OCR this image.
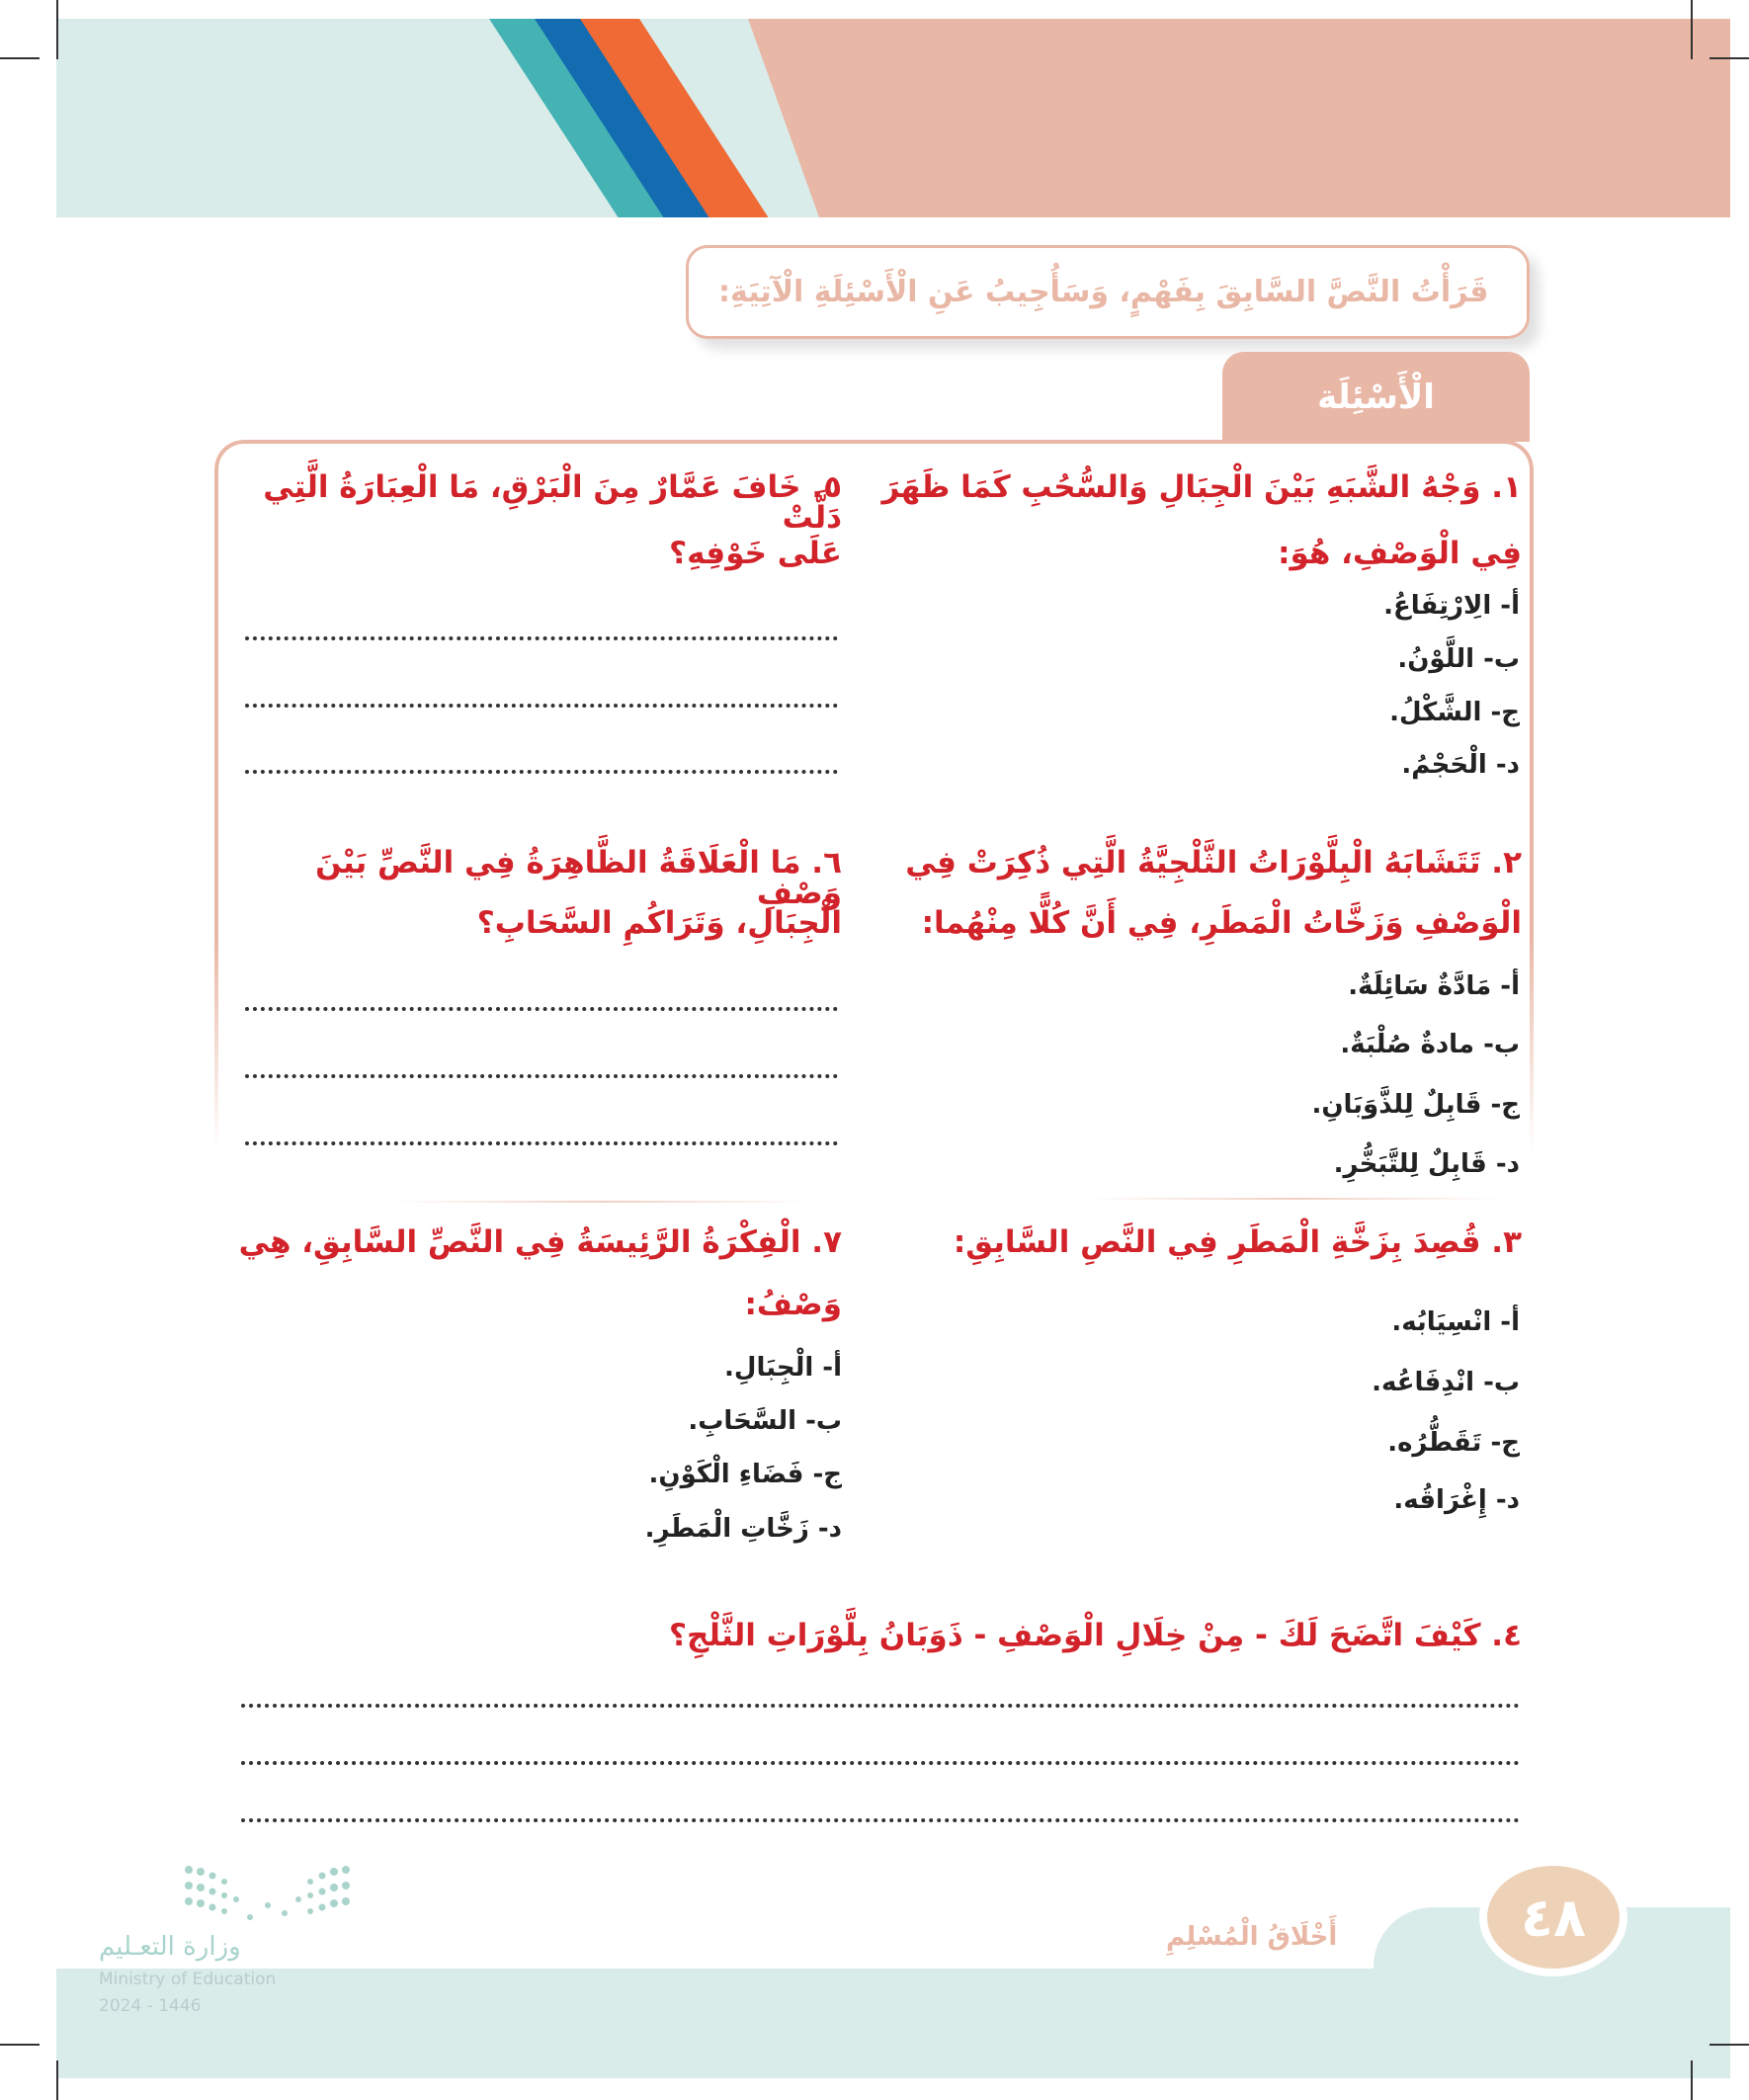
قَرَأْتُ النَّصَّ السَّابِقَ بِفَهْمٍ، وَسَأُجِيبُ عَنِ الْأَسْئِلَةِ الْآتِيَةِ:
الْأَسْئِلَة
١. وَجْهُ الشَّبَهِ بَيْنَ الْجِبَالِ وَالسُّحُبِ كَمَا ظَهَرَ
فِي الْوَصْفِ، هُوَ:
أ- الِارْتِفَاعُ.
ب- اللَّوْنُ.
ج- الشَّكْلُ.
د- الْحَجْمُ.
٥. خَافَ عَمَّارٌ مِنَ الْبَرْقِ، مَا الْعِبَارَةُ الَّتِي دَلَّتْ
عَلَى خَوْفِهِ؟
٢. تَتَشَابَهُ الْبِلَّوْرَاتُ الثَّلْجِيَّةُ الَّتِي ذُكِرَتْ فِي
الْوَصْفِ وَزَخَّاتُ الْمَطَرِ، فِي أَنَّ كُلًّا مِنْهُما:
أ- مَادَّةٌ سَائِلَةٌ.
ب- مادةٌ صُلْبَةٌ.
ج- قَابِلٌ لِلذَّوَبَانِ.
د- قَابِلٌ لِلتَّبَخُّرِ.
٦. مَا الْعَلَاقَةُ الظَّاهِرَةُ فِي النَّصِّ بَيْنَ وَصْفِ
الْجِبَالِ، وَتَرَاكُمِ السَّحَابِ؟
٣. قُصِدَ بِزَخَّةِ الْمَطَرِ فِي النَّصِ السَّابِقِ:
أ- انْسِيَابُه.
ب- انْدِفَاعُه.
ج- تَقَطُّرُه.
د- إِغْرَاقُه.
٧. الْفِكْرَةُ الرَّئِيسَةُ فِي النَّصِّ السَّابِقِ، هِي
وَصْفُ:
أ- الْجِبَالِ.
ب- السَّحَابِ.
ج- فَضَاءِ الْكَوْنِ.
د- زَخَّاتِ الْمَطَرِ.
٤. كَيْفَ اتَّضَحَ لَكَ - مِنْ خِلَالِ الْوَصْفِ - ذَوَبَانُ بِلَّوْرَاتِ الثَّلْجِ؟
٤٨
أَخْلَاقُ الْمُسْلِمِ
وزارة التعـليم
Ministry of Education
2024 - 1446
